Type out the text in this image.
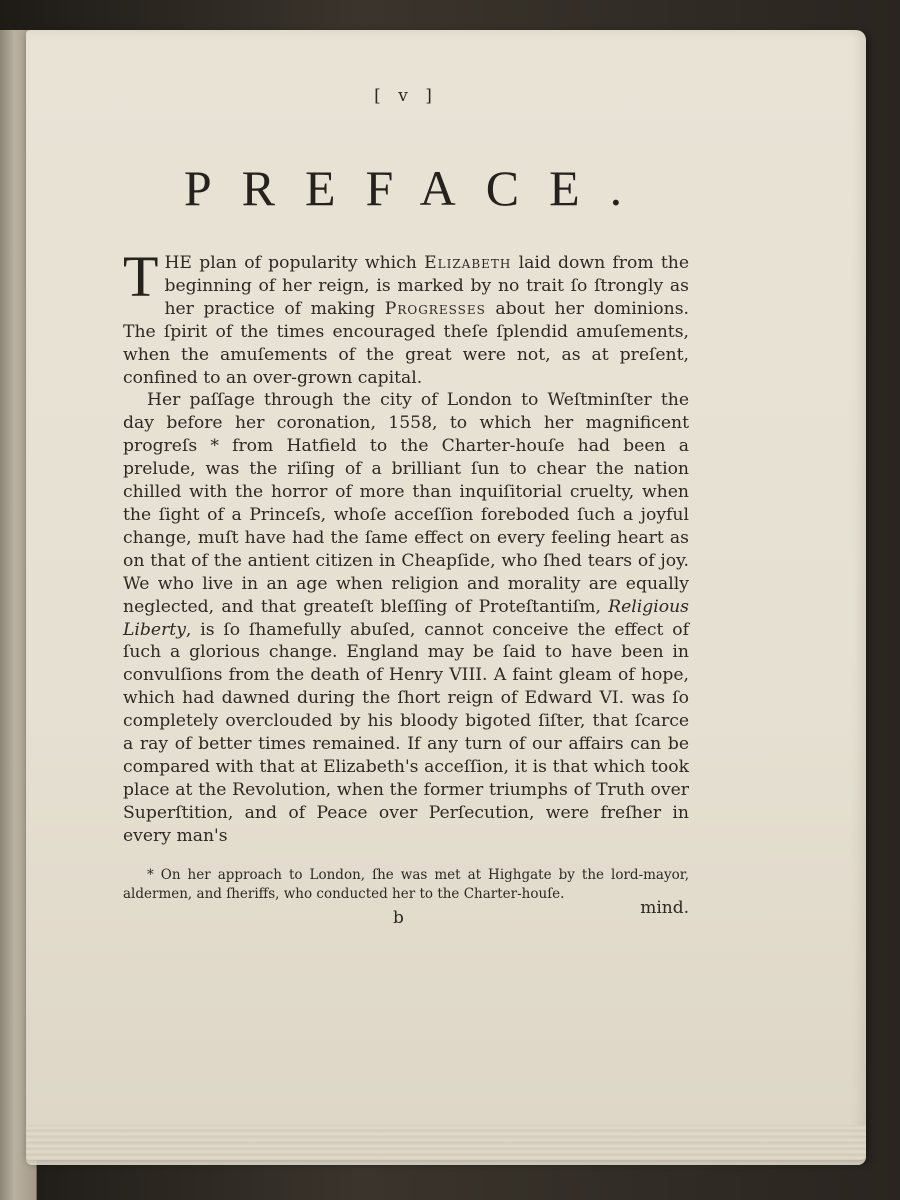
[ v ]
PREFACE.

THE plan of popularity which Elizabeth laid down from the beginning of her reign, is marked by no trait ſo ſtrongly as her practice of making Progresses about her dominions. The ſpirit of the times encouraged theſe ſplendid amuſements, when the amuſements of the great were not, as at preſent, confined to an over-grown capital.

Her paſſage through the city of London to Weſtminſter the day before her coronation, 1558, to which her magnificent progreſs * from Hatfield to the Charter-houſe had been a prelude, was the riſing of a brilliant ſun to chear the nation chilled with the horror of more than inquiſitorial cruelty, when the ſight of a Princeſs, whoſe acceſſion foreboded ſuch a joyful change, muſt have had the ſame effect on every feeling heart as on that of the antient citizen in Cheapſide, who ſhed tears of joy. We who live in an age when religion and morality are equally neglected, and that greateſt bleſſing of Proteſtantiſm, Religious Liberty, is ſo ſhamefully abuſed, cannot conceive the effect of ſuch a glorious change. England may be ſaid to have been in convulſions from the death of Henry VIII. A faint gleam of hope, which had dawned during the ſhort reign of Edward VI. was ſo completely overclouded by his bloody bigoted ſiſter, that ſcarce a ray of better times remained. If any turn of our affairs can be compared with that at Elizabeth's acceſſion, it is that which took place at the Revolution, when the former triumphs of Truth over Superſtition, and of Peace over Perſecution, were freſher in every man's

* On her approach to London, ſhe was met at Highgate by the lord-mayor, aldermen, and ſheriffs, who conducted her to the Charter-houſe.

b	mind.
